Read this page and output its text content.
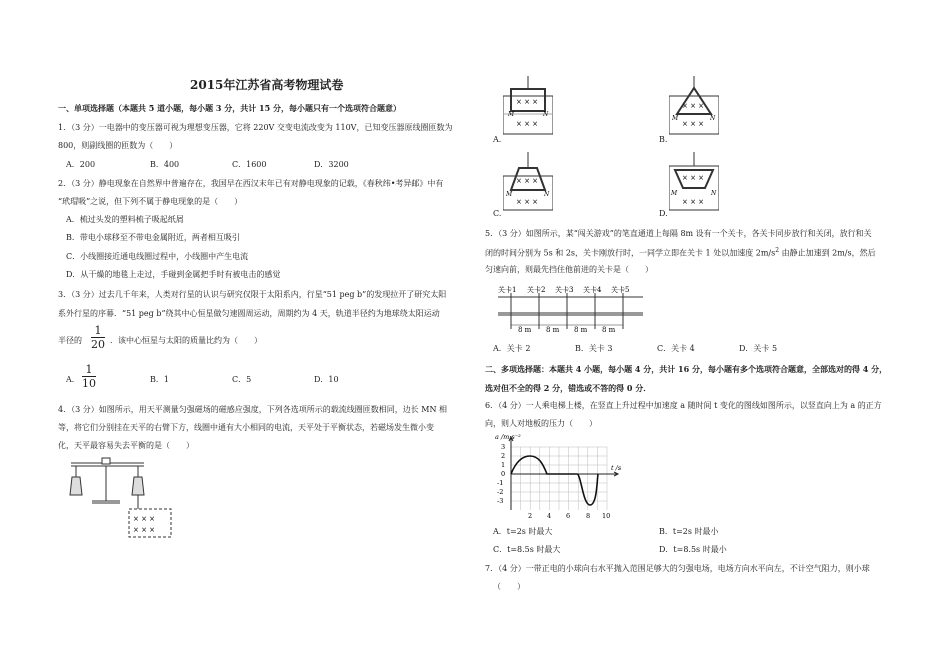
2015年江苏省高考物理试卷
一、单项选择题（本题共 5 道小题，每小题 3 分，共计 15 分，每小题只有一个选项符合题意）
1．（3 分）一电器中的变压器可视为理想变压器，它将 220V 交变电流改变为 110V，已知变压器原线圈匝数为
800，则副线圈的匝数为（　　）
A．200	B．400	C．1600	D．3200
2．（3 分）静电现象在自然界中普遍存在，我国早在西汉末年已有对静电现象的记载，《春秋纬•考异邮》中有
“玳瑁吸”之说，但下列不属于静电现象的是（　　）
A．梳过头发的塑料梳子吸起纸屑
B．带电小球移至不带电金属附近，两者相互吸引
C．小线圈接近通电线圈过程中，小线圈中产生电流
D．从干燥的地毯上走过，手碰到金属把手时有被电击的感觉
3．（3 分）过去几千年来，人类对行星的认识与研究仅限于太阳系内，行星“51 peg b”的发现拉开了研究太阳
系外行星的序幕．“51 peg b”绕其中心恒星做匀速圆周运动，周期约为 4 天，轨道半径约为地球绕太阳运动
半径的 $\frac{1}{20}$ ．该中心恒星与太阳的质量比约为（　　）
A． $\frac{1}{10}$	B．1	C．5	D．10
4．（3 分）如图所示，用天平测量匀强磁场的磁感应强度，下列各选项所示的载流线圈匝数相同，边长 MN 相
等，将它们分别挂在天平的右臂下方，线圈中通有大小相同的电流，天平处于平衡状态，若磁场发生微小变
化，天平最容易失去平衡的是（　　）
× × ×
× × ×
× × ×
× × ×
M	N
A.
× × ×
× × ×
M	N
B.
× × ×
× × ×
M	N
C.
× × ×
× × ×
M	N
D.
5．（3 分）如图所示，某“闯关游戏”的笔直通道上每隔 8m 设有一个关卡，各关卡同步放行和关闭，放行和关
闭的时间分别为 5s 和 2s，关卡刚放行时，一同学立即在关卡 1 处以加速度 $2m/s^2$ 由静止加速到 2m/s，然后
匀速向前，则最先挡住他前进的关卡是（　　）
关卡1 关卡2 关卡3 关卡4 关卡5
8 m 8 m 8 m 8 m
A．关卡 2	B．关卡 3	C．关卡 4	D．关卡 5
二、多项选择题：本题共 4 小题，每小题 4 分，共计 16 分，每小题有多个选项符合题意，全部选对的得 4 分，
选对但不全的得 2 分，错选或不答的得 0 分．
6．（4 分）一人乘电梯上楼，在竖直上升过程中加速度 a 随时间 t 变化的图线如图所示，以竖直向上为 a 的正方
向，则人对地板的压力（　　）
a /m·s⁻²
t /s
3
2
1
0
-1
-2
-3
2 4 6 8 10
A．t=2s 时最大	B．t=2s 时最小
C．t=8.5s 时最大	D．t=8.5s 时最小
7．（4 分）一带正电的小球向右水平抛入范围足够大的匀强电场，电场方向水平向左，不计空气阻力，则小球
（　　）
